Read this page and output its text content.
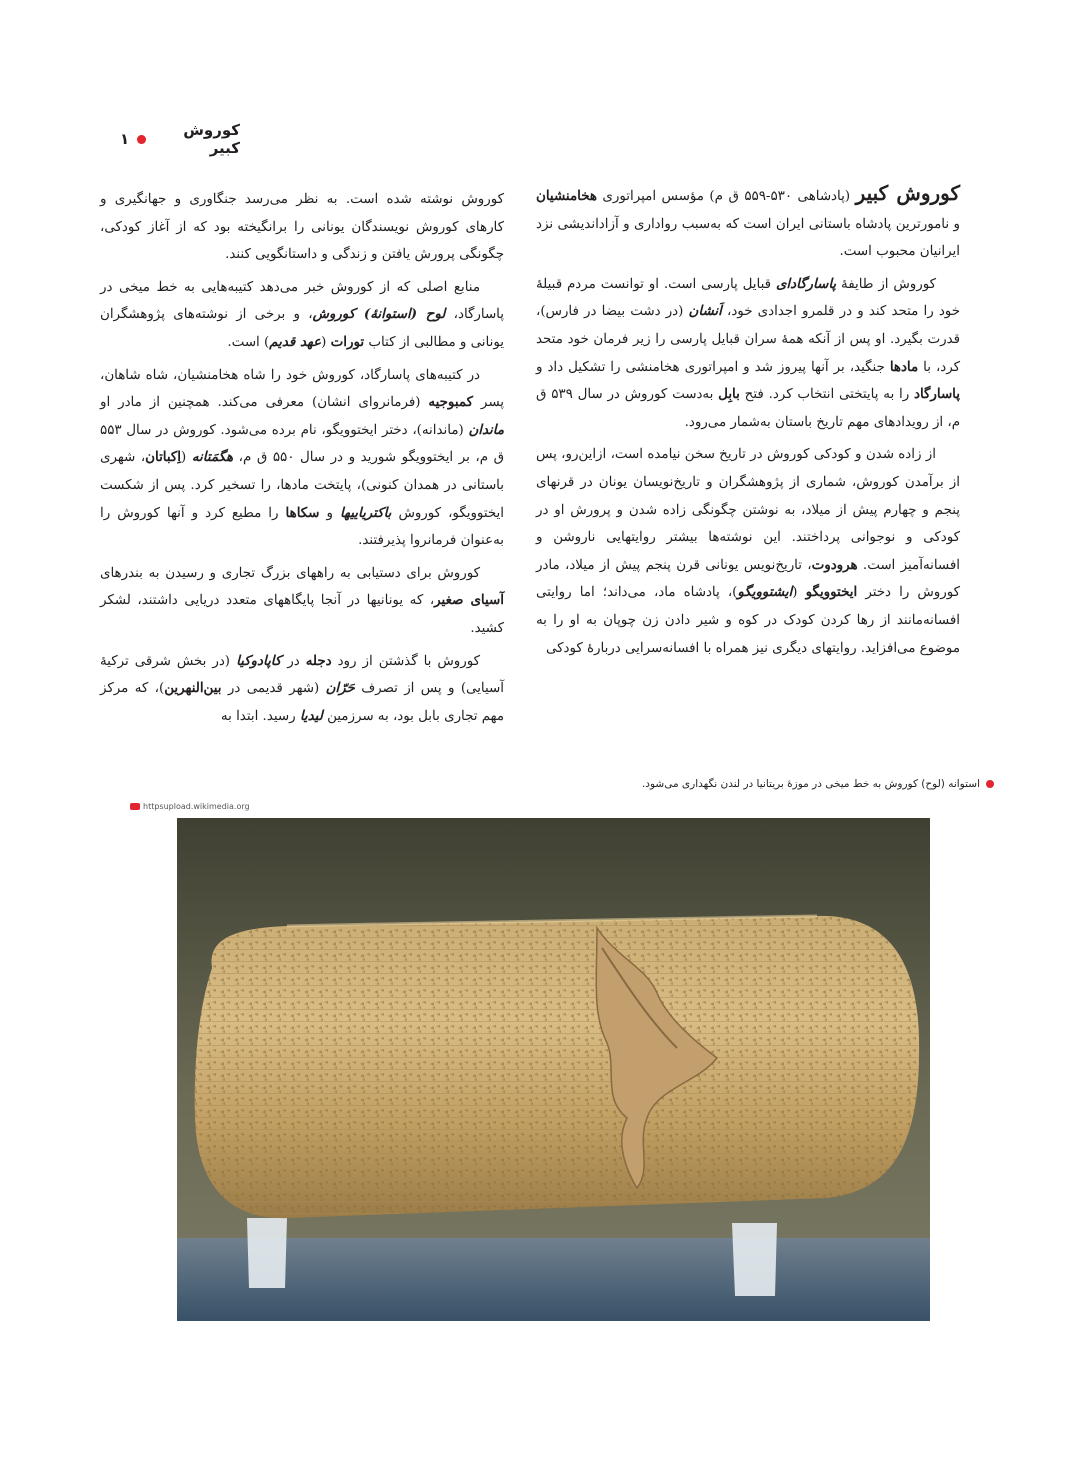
کوروش کبیر
۱

کوروش کبیر (پادشاهی ۵۳۰-۵۵۹ ق م) مؤسس امپراتوری هخامنشیان و نامورترین پادشاه باستانی ایران است که به‌سبب رواداری و آزاداندیشی نزد ایرانیان محبوب است.

کوروش از طایفهٔ پاسارگادای قبایل پارسی است. او توانست مردم قبیلهٔ خود را متحد کند و در قلمرو اجدادی خود، اَنشان (در دشت بیضا در فارس)، قدرت بگیرد. او پس از آنکه همهٔ سران قبایل پارسی را زیر فرمان خود متحد کرد، با مادها جنگید، بر آنها پیروز شد و امپراتوری هخامنشی را تشکیل داد و پاسارگاد را به پایتختی انتخاب کرد. فتح بابِل به‌دست کوروش در سال ۵۳۹ ق م، از رویدادهای مهم تاریخ باستان به‌شمار می‌رود.

از زاده شدن و کودکی کوروش در تاریخ سخن نیامده است، ازاین‌رو، پس از برآمدن کوروش، شماری از پژوهشگران و تاریخ‌نویسان یونان در قرنهای پنجم و چهارم پیش از میلاد، به نوشتن چگونگی زاده شدن و پرورش او در کودکی و نوجوانی پرداختند. این نوشته‌ها بیشتر روایتهایی ناروشن و افسانه‌آمیز است. هرودوت، تاریخ‌نویس یونانی قرن پنجم پیش از میلاد، مادر کوروش را دختر ایختوویگو (ایشتوویگو)، پادشاه ماد، می‌داند؛ اما روایتی افسانه‌مانند از رها کردن کودک در کوه و شیر دادن زن چوپان به او را به موضوع می‌افزاید. روایتهای دیگری نیز همراه با افسانه‌سرایی دربارهٔ کودکی

کوروش نوشته شده است. به نظر می‌رسد جنگاوری و جهانگیری و کارهای کوروش نویسندگان یونانی را برانگیخته بود که از آغاز کودکی، چگونگی پرورش یافتن و زندگی و داستانگویی کنند.

منابع اصلی که از کوروش خبر می‌دهد کتیبه‌هایی به خط میخی در پاسارگاد، لوح (استوانهٔ) کوروش، و برخی از نوشته‌های پژوهشگران یونانی و مطالبی از کتاب تورات (عهد قدیم) است.

در کتیبه‌های پاسارگاد، کوروش خود را شاه هخامنشیان، شاه شاهان، پسر کمبوجیه (فرمانروای انشان) معرفی می‌کند. همچنین از مادر او ماندان (ماندانه)، دختر ایختوویگو، نام برده می‌شود. کوروش در سال ۵۵۳ ق م، بر ایختوویگو شورید و در سال ۵۵۰ ق م، هگمَتانه (اِکباتان، شهری باستانی در همدان کنونی)، پایتخت مادها، را تسخیر کرد. پس از شکست ایختوویگو، کوروش باکتریاییها و سکاها را مطیع کرد و آنها کوروش را به‌عنوان فرمانروا پذیرفتند.

کوروش برای دستیابی به راههای بزرگ تجاری و رسیدن به بندرهای آسیای صغیر، که یونانیها در آنجا پایگاههای متعدد دریایی داشتند، لشکر کشید.

کوروش با گذشتن از رود دجله در کاپادوکیا (در بخش شرقی ترکیهٔ آسیایی) و پس از تصرف حَرّان (شهر قدیمی در بین‌النهرین)، که مرکز مهم تجاری بابل بود، به سرزمین لیدیا رسید. ابتدا به

استوانه (لوح) کوروش به خط میخی در موزهٔ بریتانیا در لندن نگهداری می‌شود.
httpsupload.wikimedia.org
